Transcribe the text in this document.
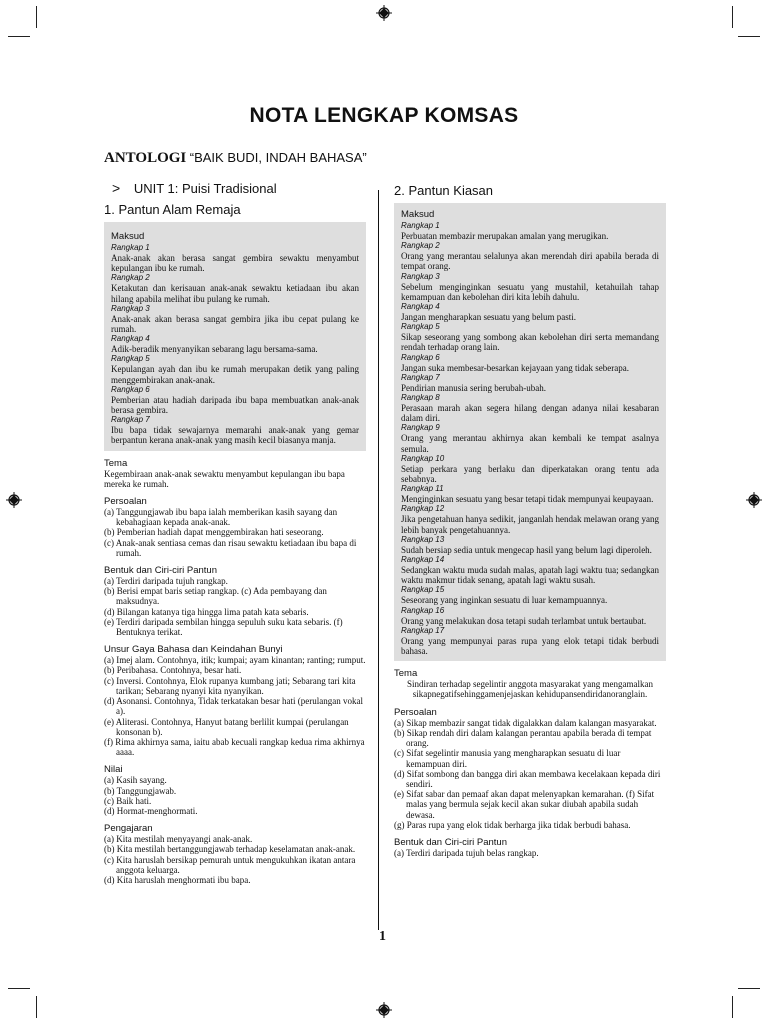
NOTA LENGKAP KOMSAS
ANTOLOGI “BAIK BUDI, INDAH BAHASA”
> UNIT 1: Puisi Tradisional
1. Pantun Alam Remaja
Maksud
Rangkap 1
Anak-anak akan berasa sangat gembira sewaktu menyambut kepulangan ibu ke rumah.
Rangkap 2
Ketakutan dan kerisauan anak-anak sewaktu ketiadaan ibu akan hilang apabila melihat ibu pulang ke rumah.
Rangkap 3
Anak-anak akan berasa sangat gembira jika ibu cepat pulang ke rumah.
Rangkap 4
Adik-beradik menyanyikan sebarang lagu bersama-sama.
Rangkap 5
Kepulangan ayah dan ibu ke rumah merupakan detik yang paling menggembirakan anak-anak.
Rangkap 6
Pemberian atau hadiah daripada ibu bapa membuatkan anak-anak berasa gembira.
Rangkap 7
Ibu bapa tidak sewajarnya memarahi anak-anak yang gemar berpantun kerana anak-anak yang masih kecil biasanya manja.
Tema
Kegembiraan anak-anak sewaktu menyambut kepulangan ibu bapa mereka ke rumah.
Persoalan
(a) Tanggungjawab ibu bapa ialah memberikan kasih sayang dan kebahagiaan kepada anak-anak.
(b) Pemberian hadiah dapat menggembirakan hati seseorang.
(c) Anak-anak sentiasa cemas dan risau sewaktu ketiadaan ibu bapa di rumah.
Bentuk dan Ciri-ciri Pantun
(a) Terdiri daripada tujuh rangkap.
(b) Berisi empat baris setiap rangkap. (c) Ada pembayang dan maksudnya.
(d) Bilangan katanya tiga hingga lima patah kata sebaris.
(e) Terdiri daripada sembilan hingga sepuluh suku kata sebaris. (f) Bentuknya terikat.
Unsur Gaya Bahasa dan Keindahan Bunyi
(a) Imej alam. Contohnya, itik; kumpai; ayam kinantan; ranting; rumput.
(b) Peribahasa. Contohnya, besar hati.
(c) Inversi. Contohnya, Elok rupanya kumbang jati; Sebarang tari kita tarikan; Sebarang nyanyi kita nyanyikan.
(d) Asonansi. Contohnya, Tidak terkatakan besar hati (perulangan vokal a).
(e) Aliterasi. Contohnya, Hanyut batang berlilit kumpai (perulangan konsonan b).
(f) Rima akhirnya sama, iaitu abab kecuali rangkap kedua rima akhirnya aaaa.
Nilai
(a) Kasih sayang.
(b) Tanggungjawab.
(c) Baik hati.
(d) Hormat-menghormati.
Pengajaran
(a) Kita mestilah menyayangi anak-anak.
(b) Kita mestilah bertanggungjawab terhadap keselamatan anak-anak.
(c) Kita haruslah bersikap pemurah untuk mengukuhkan ikatan antara anggota keluarga.
(d) Kita haruslah menghormati ibu bapa.
2. Pantun Kiasan
Maksud
Rangkap 1
Perbuatan membazir merupakan amalan yang merugikan.
Rangkap 2
Orang yang merantau selalunya akan merendah diri apabila berada di tempat orang.
Rangkap 3
Sebelum menginginkan sesuatu yang mustahil, ketahuilah tahap kemampuan dan kebolehan diri kita lebih dahulu.
Rangkap 4
Jangan mengharapkan sesuatu yang belum pasti.
Rangkap 5
Sikap seseorang yang sombong akan kebolehan diri serta memandang rendah terhadap orang lain.
Rangkap 6
Jangan suka membesar-besarkan kejayaan yang tidak seberapa.
Rangkap 7
Pendirian manusia sering berubah-ubah.
Rangkap 8
Perasaan marah akan segera hilang dengan adanya nilai kesabaran dalam diri.
Rangkap 9
Orang yang merantau akhirnya akan kembali ke tempat asalnya semula.
Rangkap 10
Setiap perkara yang berlaku dan diperkatakan orang tentu ada sebabnya.
Rangkap 11
Menginginkan sesuatu yang besar tetapi tidak mempunyai keupayaan.
Rangkap 12
Jika pengetahuan hanya sedikit, janganlah hendak melawan orang yang lebih banyak pengetahuannya.
Rangkap 13
Sudah bersiap sedia untuk mengecap hasil yang belum lagi diperoleh.
Rangkap 14
Sedangkan waktu muda sudah malas, apatah lagi waktu tua; sedangkan waktu makmur tidak senang, apatah lagi waktu susah.
Rangkap 15
Seseorang yang inginkan sesuatu di luar kemampuannya.
Rangkap 16
Orang yang melakukan dosa tetapi sudah terlambat untuk bertaubat.
Rangkap 17
Orang yang mempunyai paras rupa yang elok tetapi tidak berbudi bahasa.
Tema
Sindiran terhadap segelintir anggota masyarakat yang mengamalkan sikapnegatifsehinggamenjejaskan kehidupansendiridanoranglain.
Persoalan
(a) Sikap membazir sangat tidak digalakkan dalam kalangan masyarakat.
(b) Sikap rendah diri dalam kalangan perantau apabila berada di tempat orang.
(c) Sifat segelintir manusia yang mengharapkan sesuatu di luar kemampuan diri.
(d) Sifat sombong dan bangga diri akan membawa kecelakaan kepada diri sendiri.
(e) Sifat sabar dan pemaaf akan dapat melenyapkan kemarahan. (f) Sifat malas yang bermula sejak kecil akan sukar diubah apabila sudah dewasa.
(g) Paras rupa yang elok tidak berharga jika tidak berbudi bahasa.
Bentuk dan Ciri-ciri Pantun
(a) Terdiri daripada tujuh belas rangkap.
1
